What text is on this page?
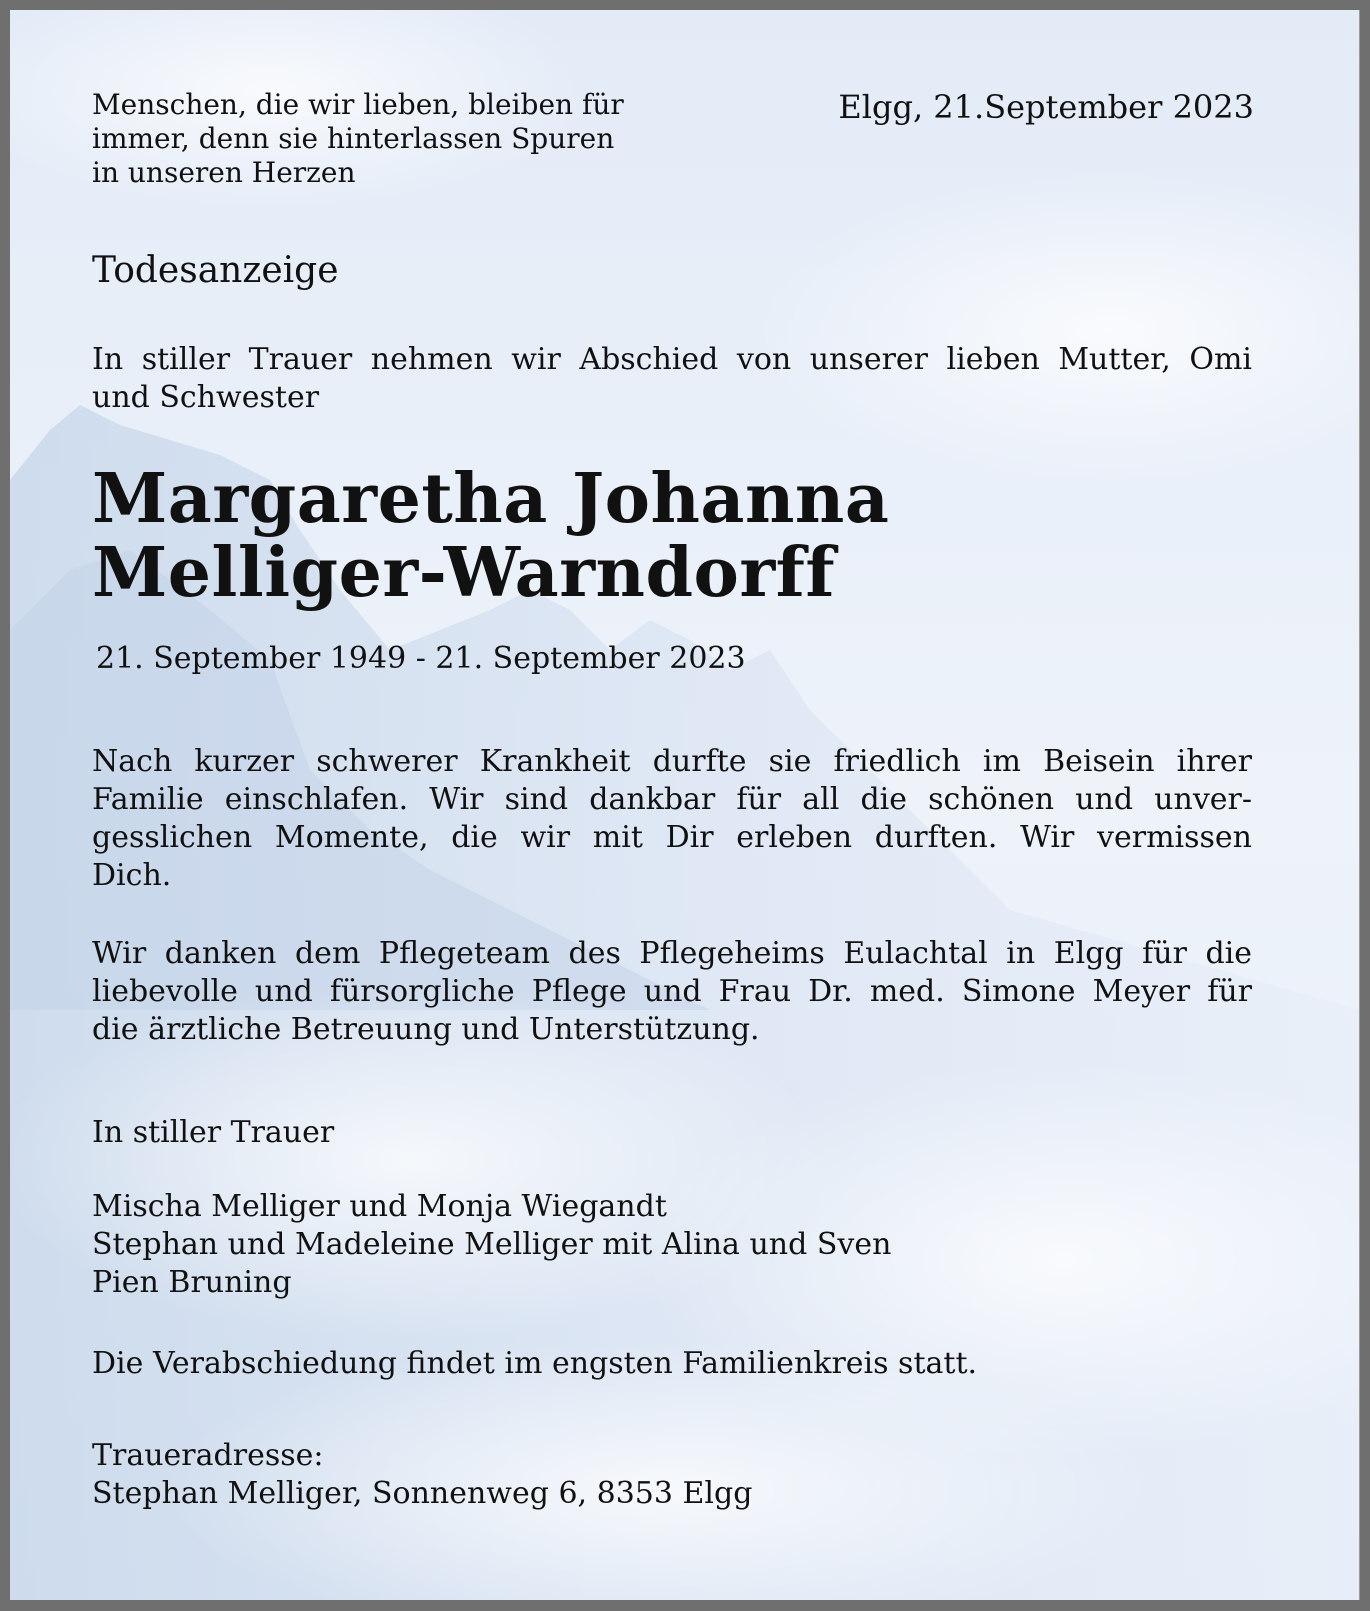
Menschen, die wir lieben, bleiben für
immer, denn sie hinterlassen Spuren
in unseren Herzen
Elgg, 21.September 2023
Todesanzeige
In stiller Trauer nehmen wir Abschied von unserer lieben Mutter, Omi
und Schwester
Margaretha Johanna
Melliger-Warndorff
21. September 1949 - 21. September 2023
Nach kurzer schwerer Krankheit durfte sie friedlich im Beisein ihrer
Familie einschlafen. Wir sind dankbar für all die schönen und unver-
gesslichen Momente, die wir mit Dir erleben durften. Wir vermissen
Dich.
Wir danken dem Pflegeteam des Pflegeheims Eulachtal in Elgg für die
liebevolle und fürsorgliche Pflege und Frau Dr. med. Simone Meyer für
die ärztliche Betreuung und Unterstützung.
In stiller Trauer
Mischa Melliger und Monja Wiegandt
Stephan und Madeleine Melliger mit Alina und Sven
Pien Bruning
Die Verabschiedung findet im engsten Familienkreis statt.
Traueradresse:
Stephan Melliger, Sonnenweg 6, 8353 Elgg
